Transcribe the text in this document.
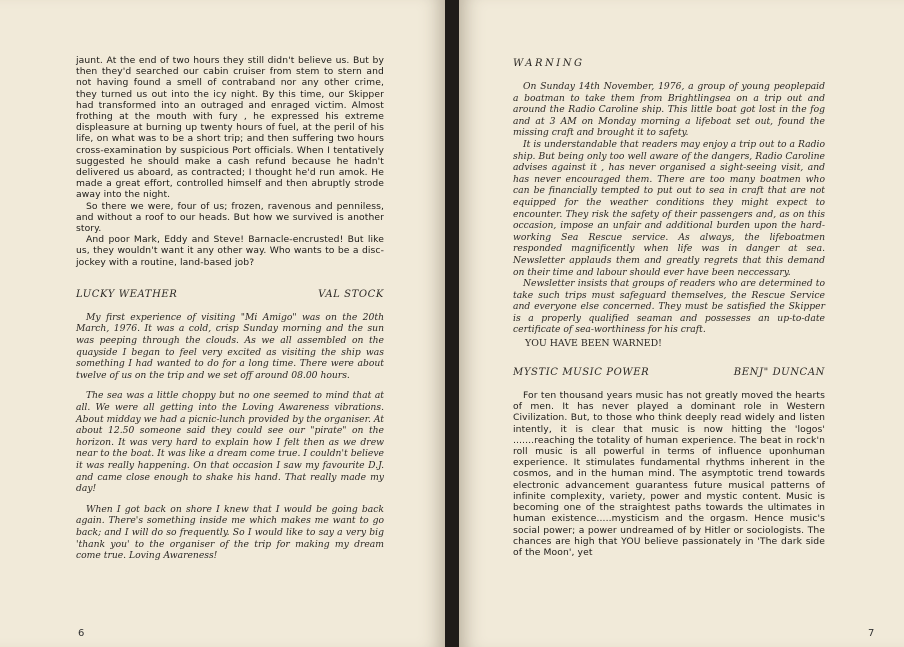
jaunt. At the end of two hours they still didn't believe us. But by then they'd searched our cabin cruiser from stem to stern and not having found a smell of contraband nor any other crime, they turned us out into the icy night. By this time, our Skipper had transformed into an outraged and enraged victim. Almost frothing at the mouth with fury , he expressed his extreme displeasure at burning up twenty hours of fuel, at the peril of his life, on what was to be a short trip; and then suffering two hours cross-examination by suspicious Port officials. When I tentatively suggested he should make a cash refund because he hadn't delivered us aboard, as contracted; I thought he'd run amok. He made a great effort, controlled himself and then abruptly strode away into the night.

So there we were, four of us; frozen, ravenous and penniless, and without a roof to our heads. But how we survived is another story.

And poor Mark, Eddy and Steve! Barnacle-encrusted! But like us, they wouldn't want it any other way. Who wants to be a disc-jockey with a routine, land-based job?

LUCKY WEATHER	VAL STOCK

My first experience of visiting "Mi Amigo" was on the 20th March, 1976. It was a cold, crisp Sunday morning and the sun was peeping through the clouds. As we all assembled on the quayside I began to feel very excited as visiting the ship was something I had wanted to do for a long time. There were about twelve of us on the trip and we set off around 08.00 hours.

The sea was a little choppy but no one seemed to mind that at all. We were all getting into the Loving Awareness vibrations. About midday we had a picnic-lunch provided by the organiser. At about 12.50 someone said they could see our "pirate" on the horizon. It was very hard to explain how I felt then as we drew near to the boat. It was like a dream come true. I couldn't believe it was really happening. On that occasion I saw my favourite D.J. and came close enough to shake his hand. That really made my day!

When I got back on shore I knew that I would be going back again. There's something inside me which makes me want to go back; and I will do so frequently. So I would like to say a very big 'thank you' to the organiser of the trip for making my dream come true. Loving Awareness!

6
WARNING

On Sunday 14th November, 1976, a group of young peoplepaid a boatman to take them from Brightlingsea on a trip out and around the Radio Caroline ship. This little boat got lost in the fog and at 3 AM on Monday morning a lifeboat set out, found the missing craft and brought it to safety.

It is understandable that readers may enjoy a trip out to a Radio ship. But being only too well aware of the dangers, Radio Caroline advises against it , has never organised a sight-seeing visit, and has never encouraged them. There are too many boatmen who can be financially tempted to put out to sea in craft that are not equipped for the weather conditions they might expect to encounter. They risk the safety of their passengers and, as on this occasion, impose an unfair and additional burden upon the hard-working Sea Rescue service. As always, the lifeboatmen responded magnificently when life was in danger at sea. Newsletter applauds them and greatly regrets that this demand on their time and labour should ever have been neccessary.

Newsletter insists that groups of readers who are determined to take such trips must safeguard themselves, the Rescue Service and everyone else concerned. They must be satisfied the Skipper is a properly qualified seaman and possesses an up-to-date certificate of sea-worthiness for his craft.

YOU HAVE BEEN WARNED!
MYSTIC MUSIC POWER	BENJ" DUNCAN

For ten thousand years music has not greatly moved the hearts of men. It has never played a dominant role in Western Civilization. But, to those who think deeply read widely and listen intently, it is clear that music is now hitting the 'logos' .......reaching the totality of human experience. The beat in rock'n roll music is all powerful in terms of influence uponhuman experience. It stimulates fundamental rhythms inherent in the cosmos, and in the human mind. The asymptotic trend towards electronic advancement guarantess future musical patterns of infinite complexity, variety, power and mystic content. Music is becoming one of the straightest paths towards the ultimates in human existence.....mysticism and the orgasm. Hence music's social power; a power undreamed of by Hitler or sociologists. The chances are high that YOU believe passionately in 'The dark side of the Moon', yet

7
